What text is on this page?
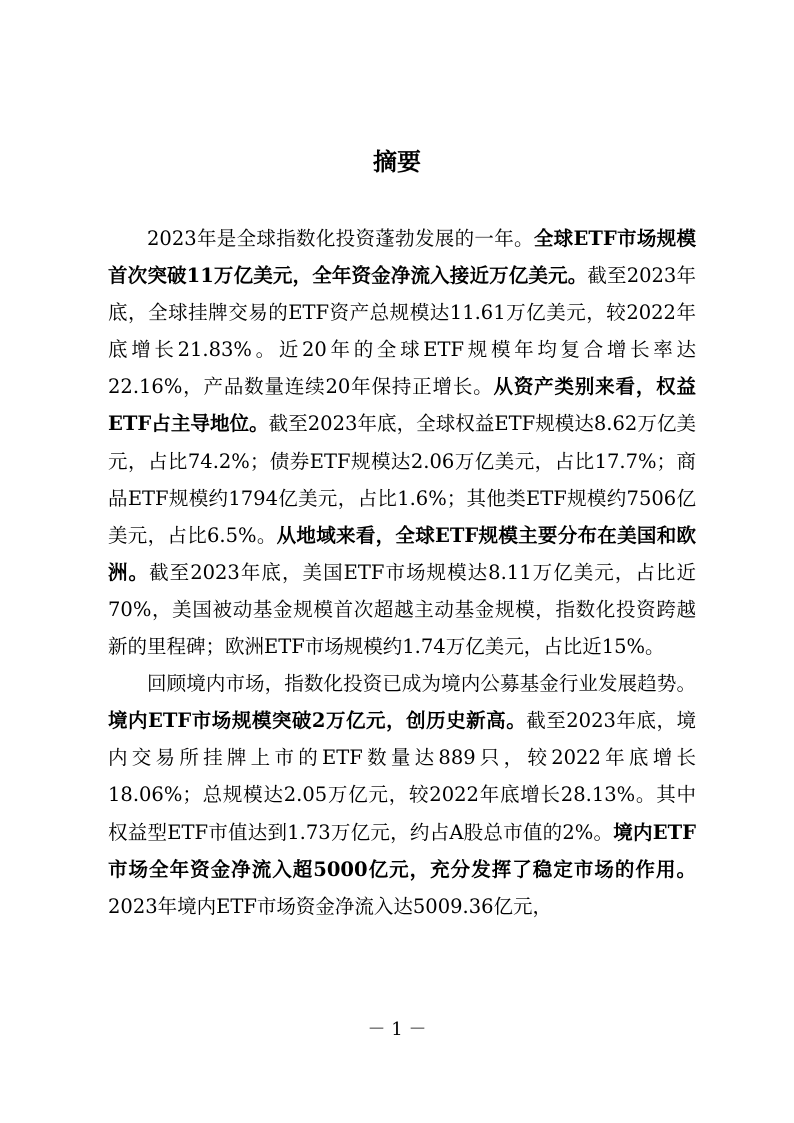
摘要

2023年是全球指数化投资蓬勃发展的一年。全球ETF市场规模首次突破11万亿美元，全年资金净流入接近万亿美元。截至2023年底，全球挂牌交易的ETF资产总规模达11.61万亿美元，较2022年底增长21.83%。近20年的全球ETF规模年均复合增长率达22.16%，产品数量连续20年保持正增长。从资产类别来看，权益ETF占主导地位。截至2023年底，全球权益ETF规模达8.62万亿美元，占比74.2%；债券ETF规模达2.06万亿美元，占比17.7%；商品ETF规模约1794亿美元，占比1.6%；其他类ETF规模约7506亿美元，占比6.5%。从地域来看，全球ETF规模主要分布在美国和欧洲。截至2023年底，美国ETF市场规模达8.11万亿美元，占比近70%，美国被动基金规模首次超越主动基金规模，指数化投资跨越新的里程碑；欧洲ETF市场规模约1.74万亿美元，占比近15%。

回顾境内市场，指数化投资已成为境内公募基金行业发展趋势。境内ETF市场规模突破2万亿元，创历史新高。截至2023年底，境内交易所挂牌上市的ETF数量达889只，较2022年底增长18.06%；总规模达2.05万亿元，较2022年底增长28.13%。其中权益型ETF市值达到1.73万亿元，约占A股总市值的2%。境内ETF市场全年资金净流入超5000亿元，充分发挥了稳定市场的作用。2023年境内ETF市场资金净流入达5009.36亿元，

－ 1 －
